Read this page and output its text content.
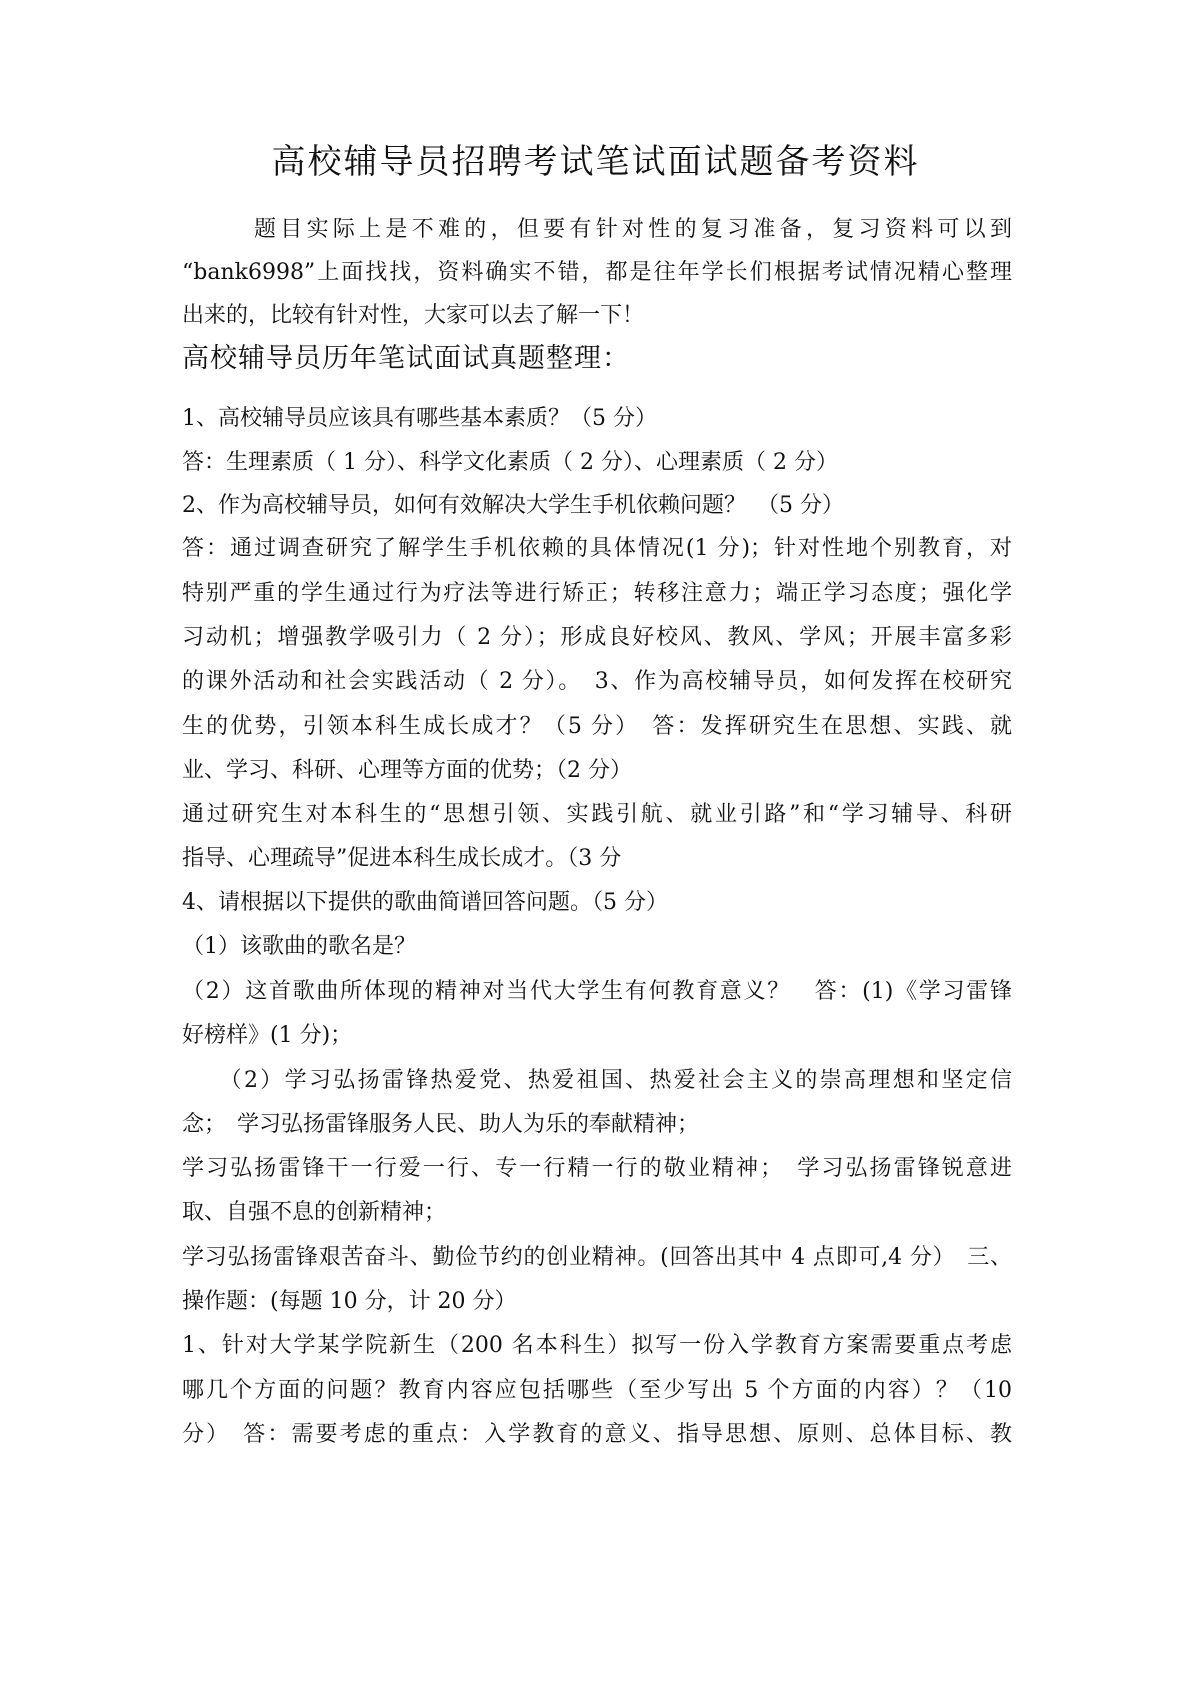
高校辅导员招聘考试笔试面试题备考资料
题目实际上是不难的，但要有针对性的复习准备，复习资料可以到
“bank6998”上面找找，资料确实不错，都是往年学长们根据考试情况精心整理
出来的，比较有针对性，大家可以去了解一下！
高校辅导员历年笔试面试真题整理：
1、高校辅导员应该具有哪些基本素质？（5 分）
答：生理素质（ 1 分）、科学文化素质（ 2 分）、心理素质（ 2 分）
2、作为高校辅导员，如何有效解决大学生手机依赖问题？　（5 分）
答：通过调查研究了解学生手机依赖的具体情况(1 分)；针对性地个别教育，对
特别严重的学生通过行为疗法等进行矫正；转移注意力；端正学习态度；强化学
习动机；增强教学吸引力（ 2 分）；形成良好校风、教风、学风；开展丰富多彩
的课外活动和社会实践活动（ 2 分）。　3、作为高校辅导员，如何发挥在校研究
生的优势，引领本科生成长成才？（5 分）　答：发挥研究生在思想、实践、就
业、学习、科研、心理等方面的优势；（2 分）
通过研究生对本科生的“思想引领、实践引航、就业引路”和“学习辅导、科研
指导、心理疏导”促进本科生成长成才。（3 分
4、请根据以下提供的歌曲简谱回答问题。（5 分）
（1）该歌曲的歌名是？
（2）这首歌曲所体现的精神对当代大学生有何教育意义？　答：(1)《学习雷锋
好榜样》(1 分)；
　　（2）学习弘扬雷锋热爱党、热爱祖国、热爱社会主义的崇高理想和坚定信
念；　学习弘扬雷锋服务人民、助人为乐的奉献精神；
学习弘扬雷锋干一行爱一行、专一行精一行的敬业精神；　学习弘扬雷锋锐意进
取、自强不息的创新精神；
学习弘扬雷锋艰苦奋斗、勤俭节约的创业精神。(回答出其中 4 点即可,4 分）　三、
操作题：(每题 10 分，计 20 分）
1、针对大学某学院新生（200 名本科生）拟写一份入学教育方案需要重点考虑
哪几个方面的问题？教育内容应包括哪些（至少写出 5 个方面的内容）？（10
分）　答：需要考虑的重点：入学教育的意义、指导思想、原则、总体目标、教
